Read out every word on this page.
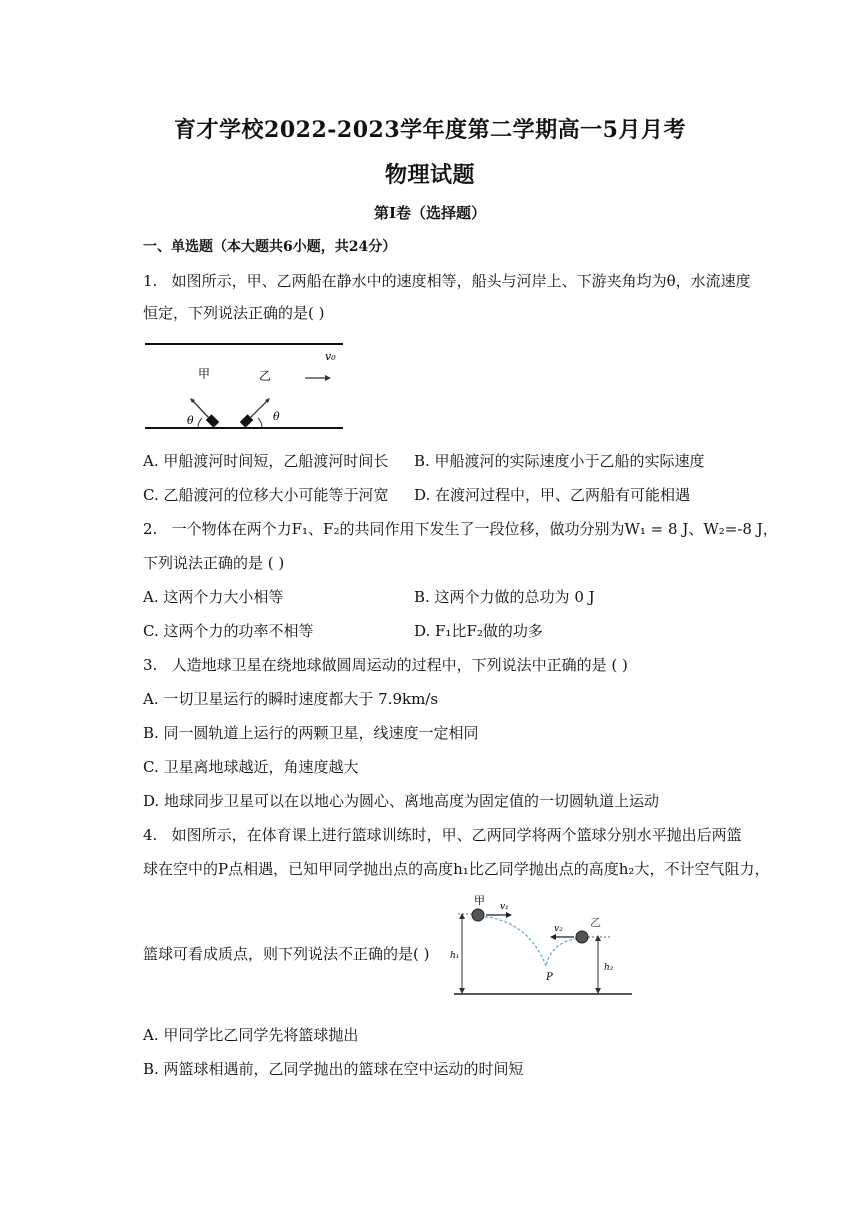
育才学校2022-2023学年度第二学期高一5月月考
物理试题
第I卷（选择题）
一、单选题（本大题共6小题，共24分）
1. 如图所示，甲、乙两船在静水中的速度相等，船头与河岸上、下游夹角均为θ，水流速度
恒定，下列说法正确的是( )
甲	乙
v₀
θ	θ
A. 甲船渡河时间短，乙船渡河时间长 B. 甲船渡河的实际速度小于乙船的实际速度
C. 乙船渡河的位移大小可能等于河宽 D. 在渡河过程中，甲、乙两船有可能相遇
2. 一个物体在两个力F₁、F₂的共同作用下发生了一段位移，做功分别为W₁ = 8 J、W₂=-8 J，
下列说法正确的是 ( )
A. 这两个力大小相等	B. 这两个力做的总功为 0 J
C. 这两个力的功率不相等	D. F₁比F₂做的功多
3. 人造地球卫星在绕地球做圆周运动的过程中，下列说法中正确的是 ( )
A. 一切卫星运行的瞬时速度都大于 7.9km/s
B. 同一圆轨道上运行的两颗卫星，线速度一定相同
C. 卫星离地球越近，角速度越大
D. 地球同步卫星可以在以地心为圆心、离地高度为固定值的一切圆轨道上运动
4. 如图所示，在体育课上进行篮球训练时，甲、乙两同学将两个篮球分别水平抛出后两篮
球在空中的P点相遇，已知甲同学抛出点的高度h₁比乙同学抛出点的高度h₂大，不计空气阻力，
篮球可看成质点，则下列说法不正确的是( )
甲
乙
v₁
v₂
h₁
h₂
P
A. 甲同学比乙同学先将篮球抛出
B. 两篮球相遇前，乙同学抛出的篮球在空中运动的时间短
